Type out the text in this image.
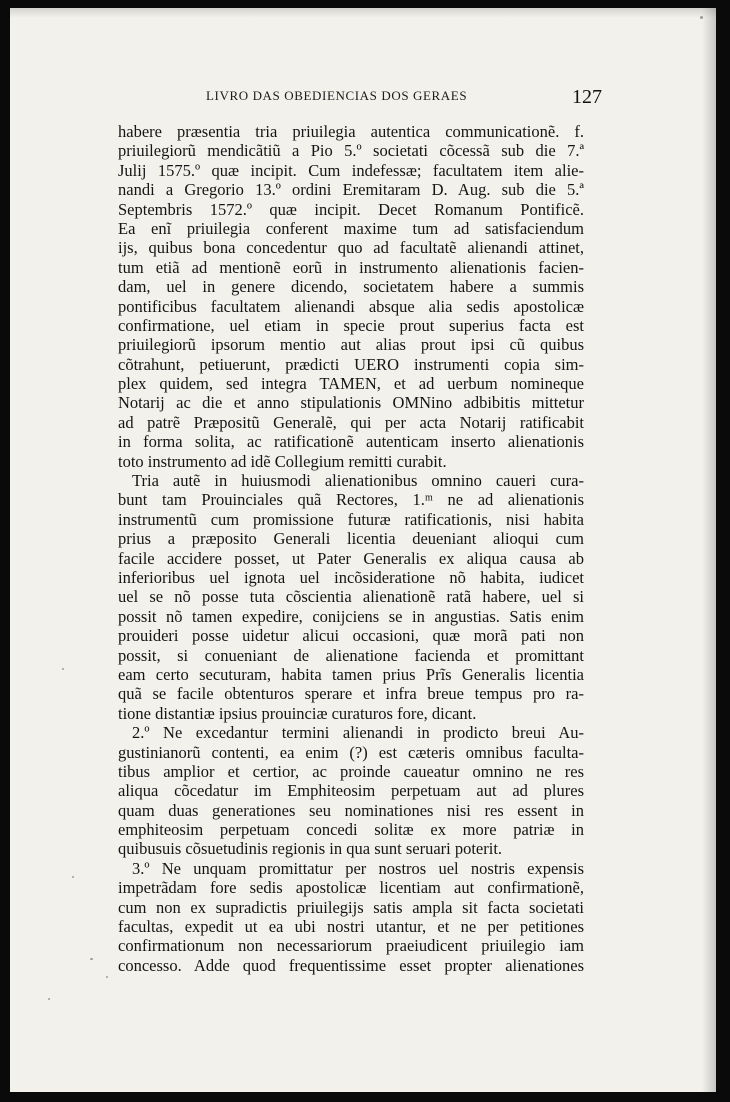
LIVRO DAS OBEDIENCIAS DOS GERAES	127
habere præsentia tria priuilegia autentica communicationẽ. f.
priuilegiorũ mendicãtiũ a Pio 5.º societati cõcessã sub die 7.ª
Julij 1575.º quæ incipit. Cum indefessæ; facultatem item alie-
nandi a Gregorio 13.º ordini Eremitaram D. Aug. sub die 5.ª
Septembris 1572.º quæ incipit. Decet Romanum Pontificẽ.
Ea enĩ priuilegia conferent maxime tum ad satisfaciendum
ijs, quibus bona concedentur quo ad facultatẽ alienandi attinet,
tum etiã ad mentionẽ eorũ in instrumento alienationis facien-
dam, uel in genere dicendo, societatem habere a summis
pontificibus facultatem alienandi absque alia sedis apostolicæ
confirmatione, uel etiam in specie prout superius facta est
priuilegiorũ ipsorum mentio aut alias prout ipsi cũ quibus
cõtrahunt, petiuerunt, prædicti UERO instrumenti copia sim-
plex quidem, sed integra TAMEN, et ad uerbum nomineque
Notarij ac die et anno stipulationis OMNino adbibitis mittetur
ad patrẽ Præpositũ Generalẽ, qui per acta Notarij ratificabit
in forma solita, ac ratificationẽ autenticam inserto alienationis
toto instrumento ad idẽ Collegium remitti curabit.
Tria autẽ in huiusmodi alienationibus omnino caueri cura-
bunt tam Prouinciales quã Rectores, 1.ᵐ ne ad alienationis
instrumentũ cum promissione futuræ ratificationis, nisi habita
prius a præposito Generali licentia deueniant alioqui cum
facile accidere posset, ut Pater Generalis ex aliqua causa ab
inferioribus uel ignota uel incõsideratione nõ habita, iudicet
uel se nõ posse tuta cõscientia alienationẽ ratã habere, uel si
possit nõ tamen expedire, conijciens se in angustias. Satis enim
prouideri posse uidetur alicui occasioni, quæ morã pati non
possit, si conueniant de alienatione facienda et promittant
eam certo secuturam, habita tamen prius Prĩs Generalis licentia
quã se facile obtenturos sperare et infra breue tempus pro ra-
tione distantiæ ipsius prouinciæ curaturos fore, dicant.
2.º Ne excedantur termini alienandi in prodicto breui Au-
gustinianorũ contenti, ea enim (?) est cæteris omnibus faculta-
tibus amplior et certior, ac proinde caueatur omnino ne res
aliqua cõcedatur im Emphiteosim perpetuam aut ad plures
quam duas generationes seu nominationes nisi res essent in
emphiteosim perpetuam concedi solitæ ex more patriæ in
quibusuis cõsuetudinis regionis in qua sunt seruari poterit.
3.º Ne unquam promittatur per nostros uel nostris expensis
impetrãdam fore sedis apostolicæ licentiam aut confirmationẽ,
cum non ex supradictis priuilegijs satis ampla sit facta societati
facultas, expedit ut ea ubi nostri utantur, et ne per petitiones
confirmationum non necessariorum praeiudicent priuilegio iam
concesso. Adde quod frequentissime esset propter alienationes
